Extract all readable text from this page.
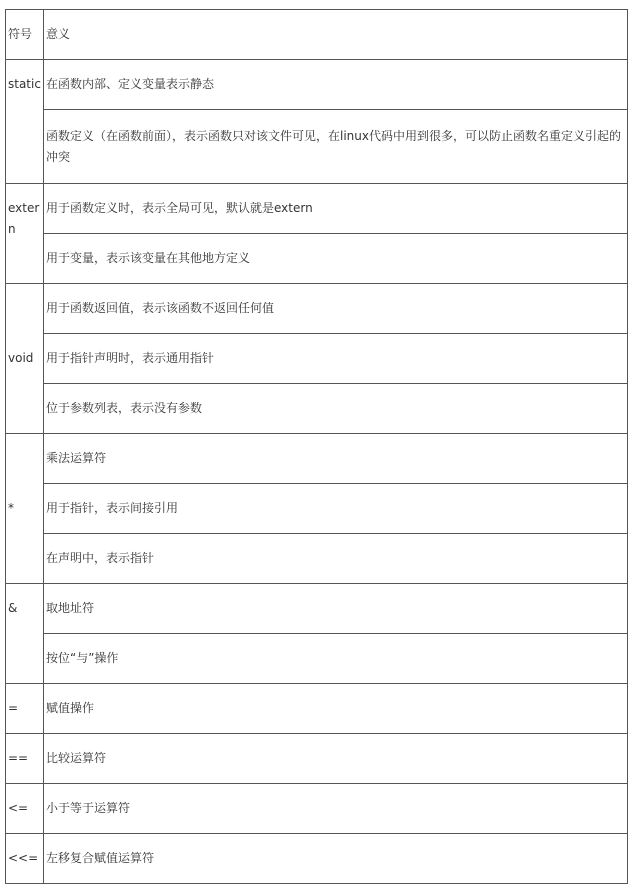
符号	意义
static	在函数内部、定义变量表示静态
	函数定义（在函数前面），表示函数只对该文件可见，在linux代码中用到很多，可以防止函数名重定义引起的冲突
extern	用于函数定义时，表示全局可见，默认就是extern
	用于变量，表示该变量在其他地方定义
void	用于函数返回值，表示该函数不返回任何值
	用于指针声明时，表示通用指针
	位于参数列表，表示没有参数
*	乘法运算符
	用于指针，表示间接引用
	在声明中，表示指针
&	取地址符
	按位“与”操作
=	赋值操作
==	比较运算符
<=	小于等于运算符
<<=	左移复合赋值运算符
